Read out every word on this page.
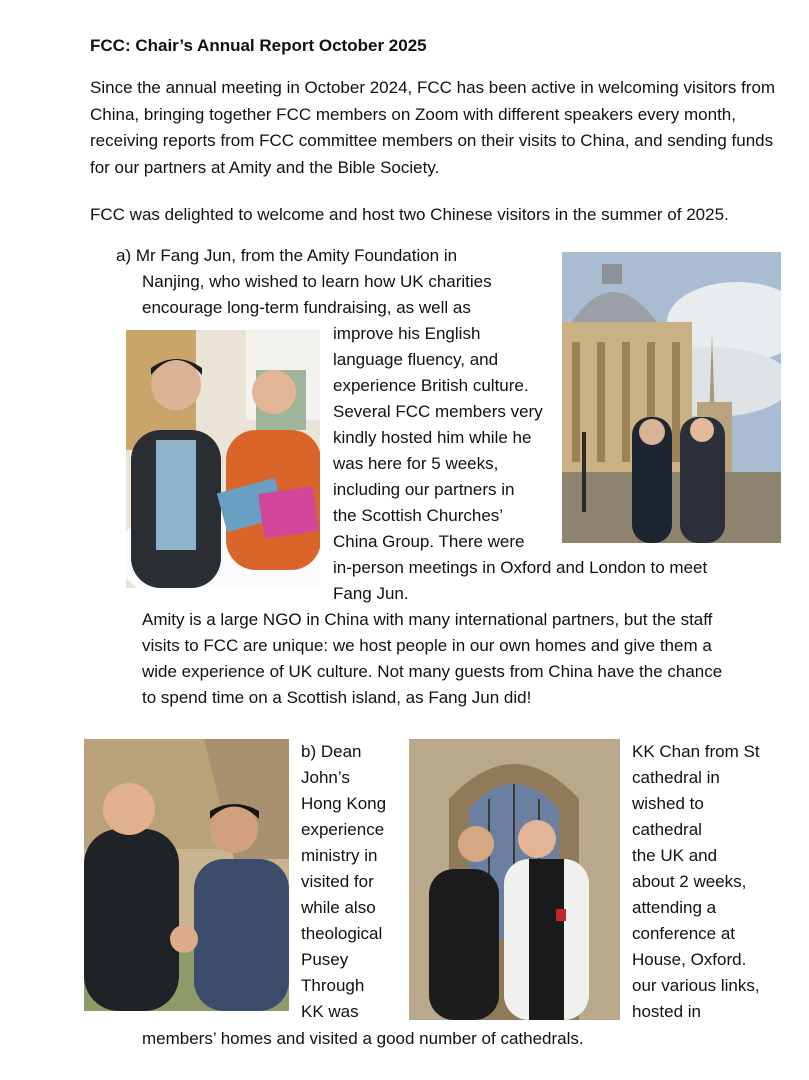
FCC: Chair’s Annual Report October 2025

Since the annual meeting in October 2024, FCC has been active in welcoming visitors from China, bringing together FCC members on Zoom with different speakers every month, receiving reports from FCC committee members on their visits to China, and sending funds for our partners at Amity and the Bible Society.

FCC was delighted to welcome and host two Chinese visitors in the summer of 2025.

a) Mr Fang Jun, from the Amity Foundation in
Nanjing, who wished to learn how UK charities
encourage long-term fundraising, as well as
improve his English
language fluency, and
experience British culture.
Several FCC members very
kindly hosted him while he
was here for 5 weeks,
including our partners in
the Scottish Churches’
China Group. There were
in-person meetings in Oxford and London to meet
Fang Jun.
Amity is a large NGO in China with many international partners, but the staff
visits to FCC are unique: we host people in our own homes and give them a
wide experience of UK culture. Not many guests from China have the chance
to spend time on a Scottish island, as Fang Jun did!
b) Dean
John’s
Hong Kong
experience
ministry in
visited for
while also
theological
Pusey
Through
KK was
KK Chan from St
cathedral in
wished to
cathedral
the UK and
about 2 weeks,
attending a
conference at
House, Oxford.
our various links,
hosted in
members’ homes and visited a good number of cathedrals.
